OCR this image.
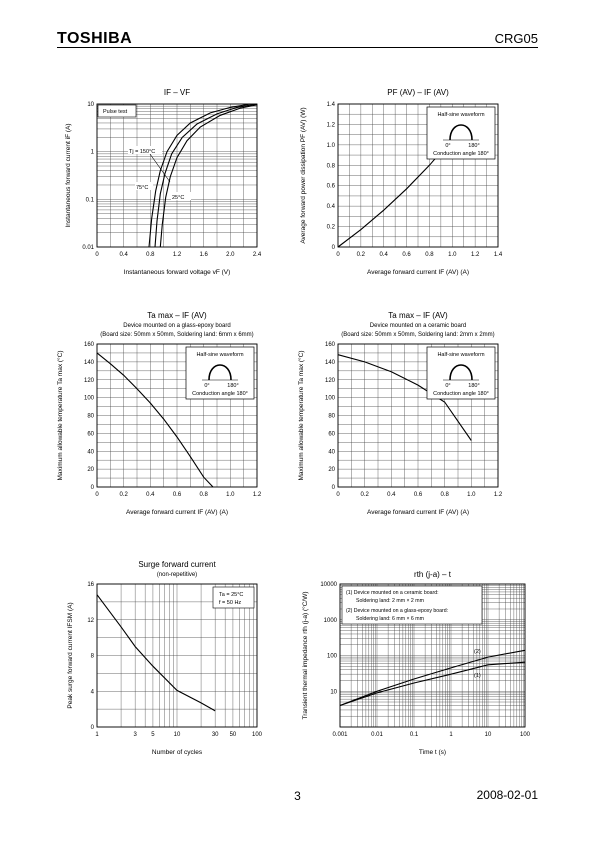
TOSHIBA	CRG05
IF – VF
0	0.4	0.8	1.2	1.6	2.0	2.4
0.01
0.1
1
10
Instantaneous forward voltage vF (V)
Instantaneous forward current iF (A)
Pulse test
Tj = 150°C
75°C
25°C
PF (AV) – IF (AV)
0	0.2 0.4 0.6 0.8 1.0 1.2 1.4
0
0.2
0.4
0.6
0.8
1.0
1.2
1.4
Average forward current IF (AV) (A)
Average forward power dissipation PF (AV) (W)	Half-sine waveform
0°	180°
Conduction angle 180°
Ta max – IF (AV)
Device mounted on a glass-epoxy board
(Board size: 50mm x 50mm, Soldering land: 6mm x 6mm)
0	0.2	0.4	0.6	0.8	1.0	1.2
0
20
40
60
80
100
120
140
160
Average forward current IF (AV) (A)
Maximum allowable temperature Ta max (°C)	Half-sine waveform
0°	180°
Conduction angle 180°
Ta max – IF (AV)
Device mounted on a ceramic board
(Board size: 50mm x 50mm, Soldering land: 2mm x 2mm)
0	0.2	0.4	0.6	0.8	1.0	1.2
0
20
40
60
80
100
120
140
160
Average forward current IF (AV) (A)
Maximum allowable temperature Ta max (°C)	Half-sine waveform
0°	180°
Conduction angle 180°
Surge forward current
(non-repetitive)
1	3 5	10	30 50	100
0
4
8
12
16
Number of cycles
Peak surge forward current IFSM (A)
Ta = 25°C
f = 50 Hz
rth (j-a) – t
0.001	0.01	0.1	1	10	100
10
100
1000
10000
Time t (s)
Transient thermal impedance rth (j-a) (°C/W)	(1)
(2)
(1) Device mounted on a ceramic board:
Soldering land: 2 mm × 2 mm
(2) Device mounted on a glass-epoxy board:
Soldering land: 6 mm × 6 mm
3	2008-02-01
